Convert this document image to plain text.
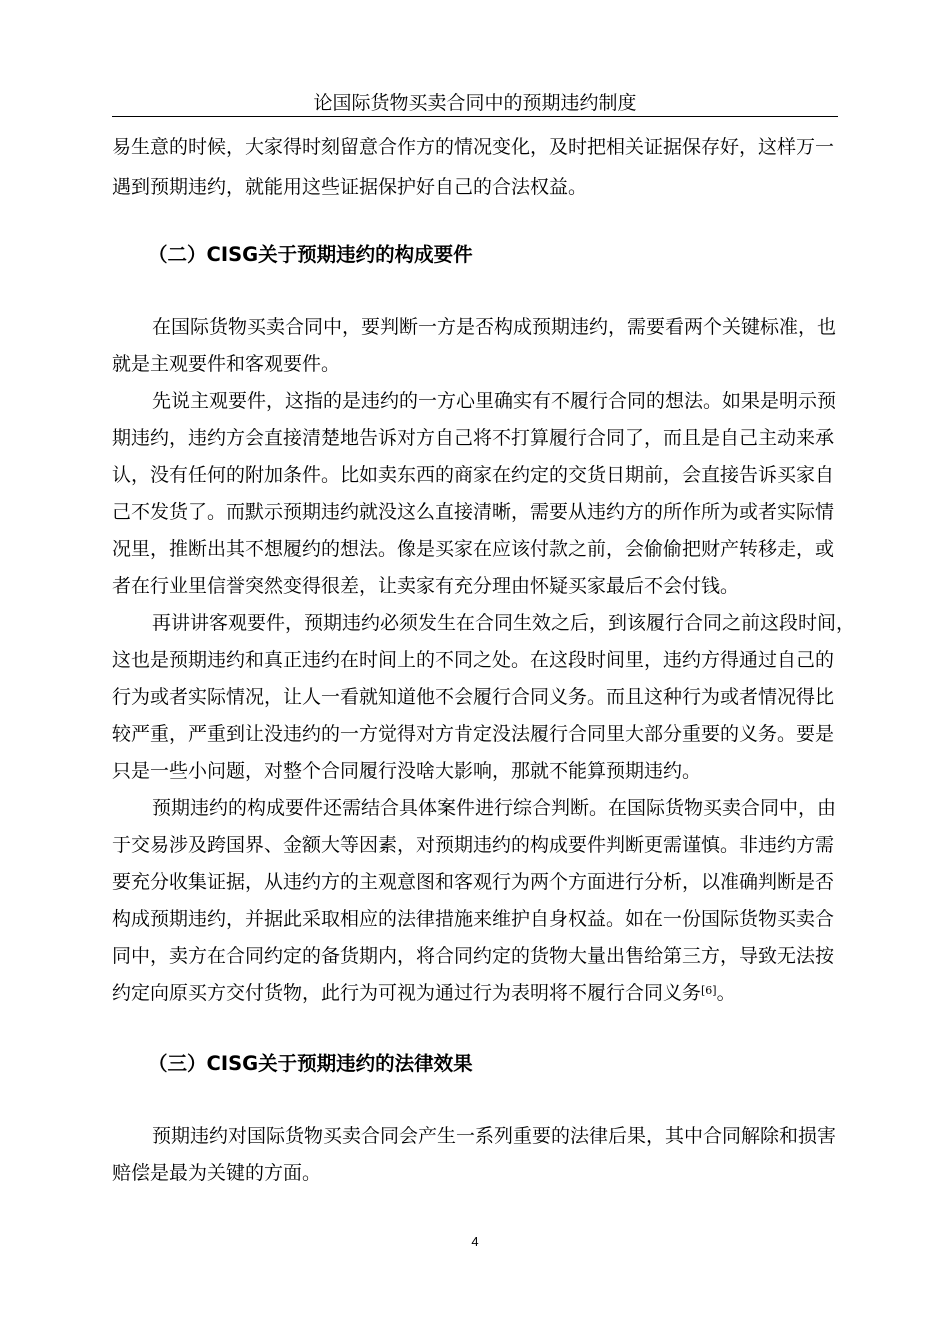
论国际货物买卖合同中的预期违约制度
易生意的时候，大家得时刻留意合作方的情况变化，及时把相关证据保存好，这样万一
遇到预期违约，就能用这些证据保护好自己的合法权益。
（二）CISG关于预期违约的构成要件
在国际货物买卖合同中，要判断一方是否构成预期违约，需要看两个关键标准，也
就是主观要件和客观要件。
先说主观要件，这指的是违约的一方心里确实有不履行合同的想法。如果是明示预
期违约，违约方会直接清楚地告诉对方自己将不打算履行合同了，而且是自己主动来承
认，没有任何的附加条件。比如卖东西的商家在约定的交货日期前，会直接告诉买家自
己不发货了。而默示预期违约就没这么直接清晰，需要从违约方的所作所为或者实际情
况里，推断出其不想履约的想法。像是买家在应该付款之前，会偷偷把财产转移走，或
者在行业里信誉突然变得很差，让卖家有充分理由怀疑买家最后不会付钱。
再讲讲客观要件，预期违约必须发生在合同生效之后，到该履行合同之前这段时间，
这也是预期违约和真正违约在时间上的不同之处。在这段时间里，违约方得通过自己的
行为或者实际情况，让人一看就知道他不会履行合同义务。而且这种行为或者情况得比
较严重，严重到让没违约的一方觉得对方肯定没法履行合同里大部分重要的义务。要是
只是一些小问题，对整个合同履行没啥大影响，那就不能算预期违约。
预期违约的构成要件还需结合具体案件进行综合判断。在国际货物买卖合同中，由
于交易涉及跨国界、金额大等因素，对预期违约的构成要件判断更需谨慎。非违约方需
要充分收集证据，从违约方的主观意图和客观行为两个方面进行分析，以准确判断是否
构成预期违约，并据此采取相应的法律措施来维护自身权益。如在一份国际货物买卖合
同中，卖方在合同约定的备货期内，将合同约定的货物大量出售给第三方，导致无法按
约定向原买方交付货物，此行为可视为通过行为表明将不履行合同义务[6]。
（三）CISG关于预期违约的法律效果
预期违约对国际货物买卖合同会产生一系列重要的法律后果，其中合同解除和损害
赔偿是最为关键的方面。
4
